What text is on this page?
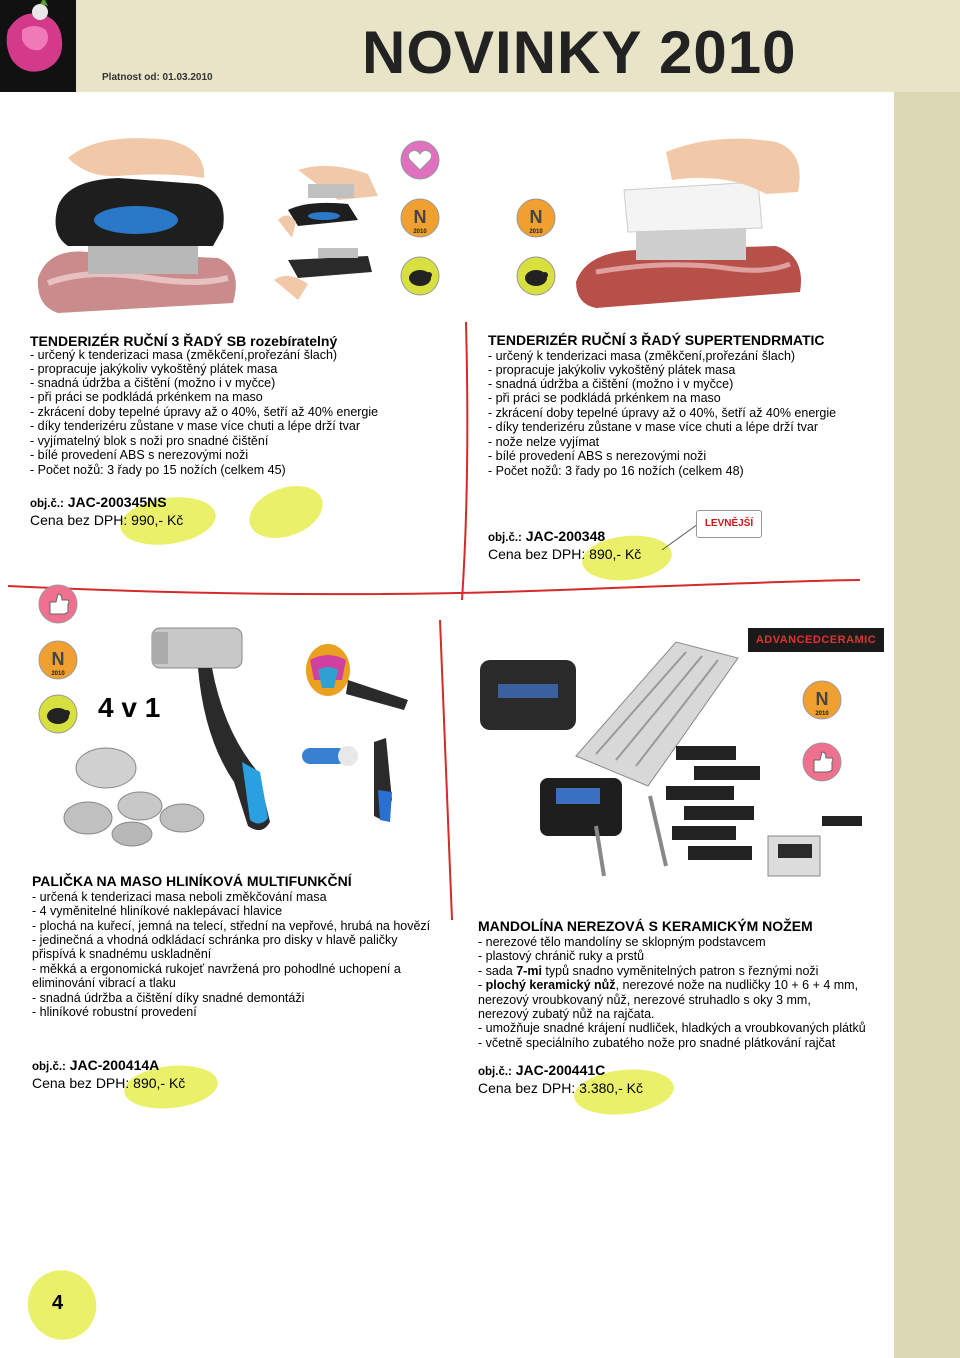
Platnost od: 01.03.2010 NOVINKY 2010
N
2010
N
2010
TENDERIZÉR RUČNÍ 3 ŘADÝ SB rozebíratelný
- určený k tenderizaci masa (změkčení,prořezání šlach)
- propracuje jakýkoliv vykoštěný plátek masa
- snadná údržba a čištění (možno i v myčce)
- při práci se podkládá prkénkem na maso
- zkrácení doby tepelné úpravy až o 40%, šetří až 40% energie
- díky tenderizéru zůstane v mase více chuti a lépe drží tvar
- vyjímatelný blok s noži pro snadné čištění
- bílé provedení ABS s nerezovými noži
- Počet nožů: 3 řady po 15 nožích (celkem 45)
obj.č.: JAC-200345NS
Cena bez DPH: 990,- Kč
TENDERIZÉR RUČNÍ 3 ŘADÝ SUPERTENDRMATIC
- určený k tenderizaci masa (změkčení,prořezání šlach)
- propracuje jakýkoliv vykoštěný plátek masa
- snadná údržba a čištění (možno i v myčce)
- při práci se podkládá prkénkem na maso
- zkrácení doby tepelné úpravy až o 40%, šetří až 40% energie
- díky tenderizéru zůstane v mase více chuti a lépe drží tvar
- nože nelze vyjímat
- bílé provedení ABS s nerezovými noži
- Počet nožů: 3 řady po 16 nožích (celkem 48)
LEVNĚJŠÍ
obj.č.: JAC-200348
Cena bez DPH: 890,- Kč
N
2010
4 v 1
ADVANCEDCERAMIC
N
2010
PALIČKA NA MASO HLINÍKOVÁ MULTIFUNKČNÍ
- určená k tenderizaci masa neboli změkčování masa
- 4 vyměnitelné hliníkové naklepávací hlavice
- plochá na kuřecí, jemná na telecí, střední na vepřové, hrubá na hovězí
- jedinečná a vhodná odkládací schránka pro disky v hlavě paličky
přispívá k snadnému uskladnění
- měkká a ergonomická rukojeť navržená pro pohodlné uchopení a
eliminování vibrací a tlaku
- snadná údržba a čištění díky snadné demontáži
- hliníkové robustní provedení
obj.č.: JAC-200414A
Cena bez DPH: 890,- Kč
MANDOLÍNA NEREZOVÁ S KERAMICKÝM NOŽEM
- nerezové tělo mandolíny se sklopným podstavcem
- plastový chránič ruky a prstů
- sada 7-mi typů snadno vyměnitelných patron s řeznými noži
- plochý keramický nůž, nerezové nože na nudličky 10 + 6 + 4 mm,
nerezový vroubkovaný nůž, nerezové struhadlo s oky 3 mm,
nerezový zubatý nůž na rajčata.
- umožňuje snadné krájení nudliček, hladkých a vroubkovaných plátků
- včetně speciálního zubatého nože pro snadné plátkování rajčat
obj.č.: JAC-200441C
Cena bez DPH: 3.380,- Kč
4
